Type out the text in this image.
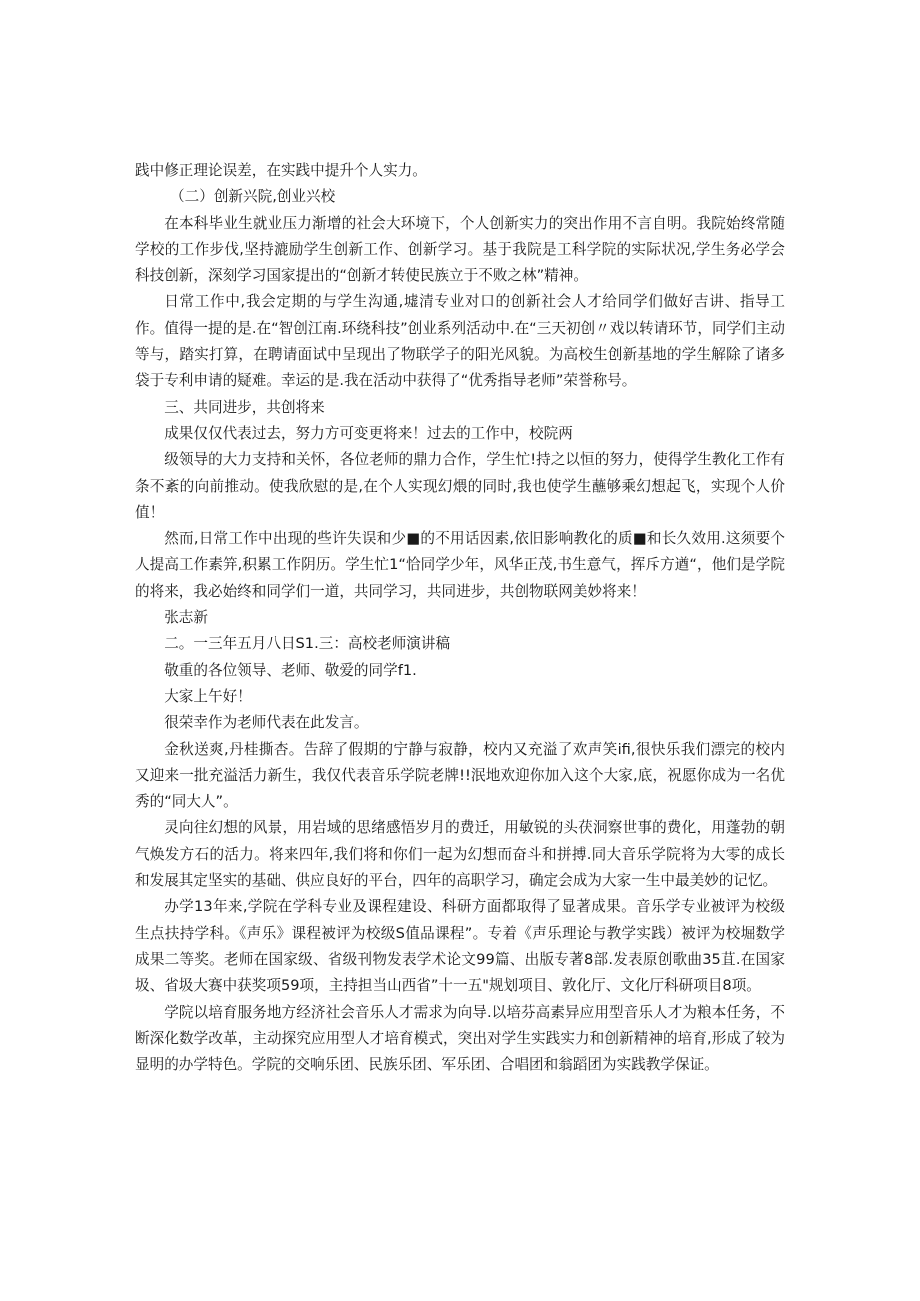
践中修正理论误差，在实践中提升个人实力。

（二）创新兴院,创业兴校

在本科毕业生就业压力渐增的社会大环境下，个人创新实力的突出作用不言自明。我院始终常随学校的工作步伐,坚持漉励学生创新工作、创新学习。基于我院是工科学院的实际状况,学生务必学会科技创新，深刻学习国家提出的“创新才转使民族立于不败之林”精神。

日常工作中,我会定期的与学生沟通,墟清专业对口的创新社会人才给同学们做好吉讲、指导工作。值得一提的是.在“智创江南.环绕科技”创业系列活动中.在“三天初创〃戏以转请环节，同学们主动等与，踏实打算，在聘请面试中呈现出了物联学子的阳光风貌。为高校生创新基地的学生解除了诸多袋于专利申请的疑难。幸运的是.我在活动中获得了“优秀指导老师”荣誉称号。

三、共同进步，共创将来

成果仅仅代表过去，努力方可变更将来！过去的工作中，校院两

级领导的大力支持和关怀，各位老师的鼎力合作，学生忙!持之以恒的努力，使得学生教化工作有条不紊的向前推动。使我欣慰的是,在个人实现幻煨的同时,我也使学生蘸够乘幻想起飞，实现个人价值！

然而,日常工作中出现的些许失误和少■的不用话因素,依旧影响教化的质■和长久效用.这须要个人提高工作素笄,积累工作阴历。学生忙1“恰同学少年，风华正茂,书生意气，挥斥方遒“，他们是学院的将来，我必始终和同学们一道，共同学习，共同进步，共创物联网美妙将来！

张志新

二。一三年五月八日S1.三：高校老师演讲稿

敬重的各位领导、老师、敬爱的同学f1.

大家上午好！

很荣幸作为老师代表在此发言。

金秋送爽,丹桂撕杏。告辞了假期的宁静与寂静，校内又充溢了欢声笑ifi,很快乐我们漂完的校内又迎来一批充溢活力新生，我仅代表音乐学院老牌!!泯地欢迎你加入这个大家,底，祝愿你成为一名优秀的“同大人”。

灵向往幻想的风景，用岩域的思绪感悟岁月的费迁，用敏锐的头茯洞察世事的费化，用蓬勃的朝气焕发方石的活力。将来四年,我们将和你们一起为幻想而奋斗和拼搏.同大音乐学院将为大零的成长和发展其定坚实的基础、供应良好的平台，四年的高职学习，确定会成为大家一生中最美妙的记忆。

办学13年来,学院在学科专业及课程建设、科研方面都取得了显著成果。音乐学专业被评为校级生点扶持学科。《声乐》课程被评为校级S值品课程”。专着《声乐理论与教学实践）被评为校堀数学成果二等奖。老师在国家级、省级刊物发表学术论文99篇、出版专著8部.发表原创歌曲35苴.在国家圾、省圾大赛中获奖项59项，主持担当山西省”十一五"规划项目、敦化厅、文化厅科研项目8项。

学院以培育服务地方经济社会音乐人才需求为向导.以培芬高素异应用型音乐人才为粮本任务，不断深化数学改革，主动探究应用型人才培育模式，突出对学生实践实力和创新精神的培育,形成了较为显明的办学特色。学院的交响乐团、民族乐团、军乐团、合唱团和翁蹈团为实践教学保证。
